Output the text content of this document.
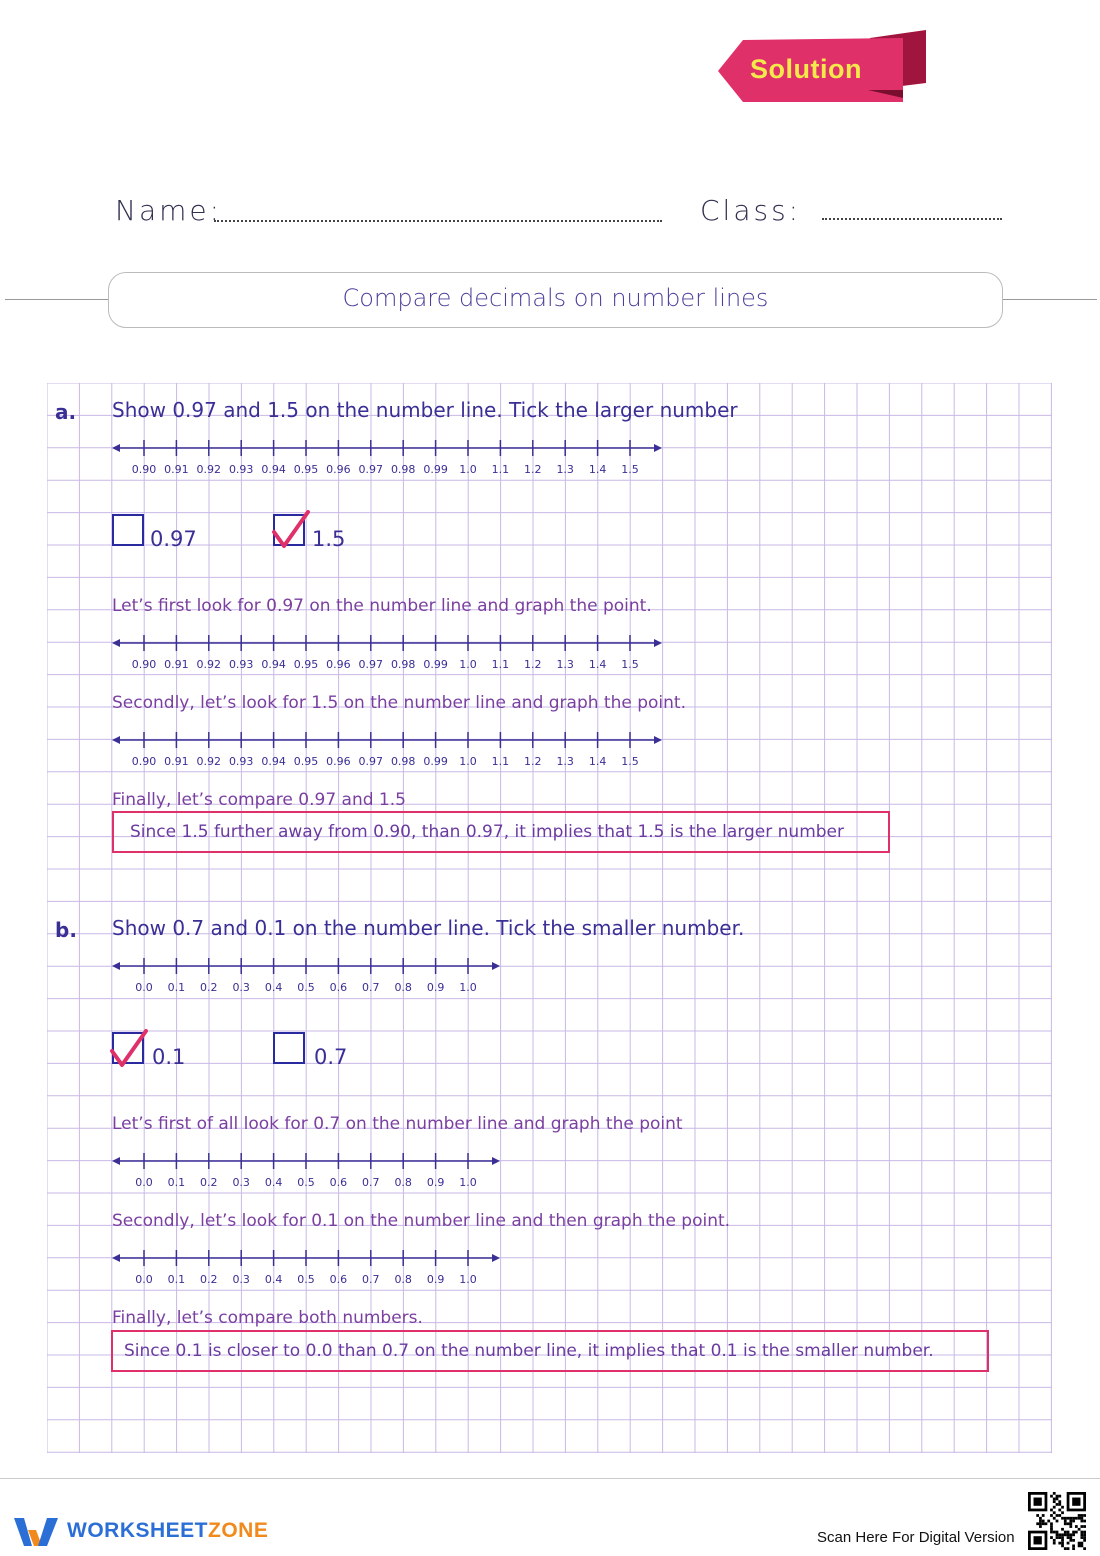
Solution
Name:	Class:
Compare decimals on number lines
a. Show 0.97 and 1.5 on the number line. Tick the larger number
0.90 0.91 0.92 0.93 0.94 0.95 0.96 0.97 0.98 0.99 1.0 1.1 1.2 1.3 1.4 1.5
0.97	1.5
Let’s first look for 0.97 on the number line and graph the point.
0.90 0.91 0.92 0.93 0.94 0.95 0.96 0.97 0.98 0.99 1.0 1.1 1.2 1.3 1.4 1.5
Secondly, let’s look for 1.5 on the number line and graph the point.
0.90 0.91 0.92 0.93 0.94 0.95 0.96 0.97 0.98 0.99 1.0 1.1 1.2 1.3 1.4 1.5
Finally, let’s compare 0.97 and 1.5
Since 1.5 further away from 0.90, than 0.97, it implies that 1.5 is the larger number
b. Show 0.7 and 0.1 on the number line. Tick the smaller number.
0.0 0.1 0.2 0.3 0.4 0.5 0.6 0.7 0.8 0.9 1.0
0.1	0.7
Let’s first of all look for 0.7 on the number line and graph the point
0.0 0.1 0.2 0.3 0.4 0.5 0.6 0.7 0.8 0.9 1.0
Secondly, let’s look for 0.1 on the number line and then graph the point.
0.0 0.1 0.2 0.3 0.4 0.5 0.6 0.7 0.8 0.9 1.0
Finally, let’s compare both numbers.
Since 0.1 is closer to 0.0 than 0.7 on the number line, it implies that 0.1 is the smaller number.
WORKSHEETZONE	Scan Here For Digital Version
